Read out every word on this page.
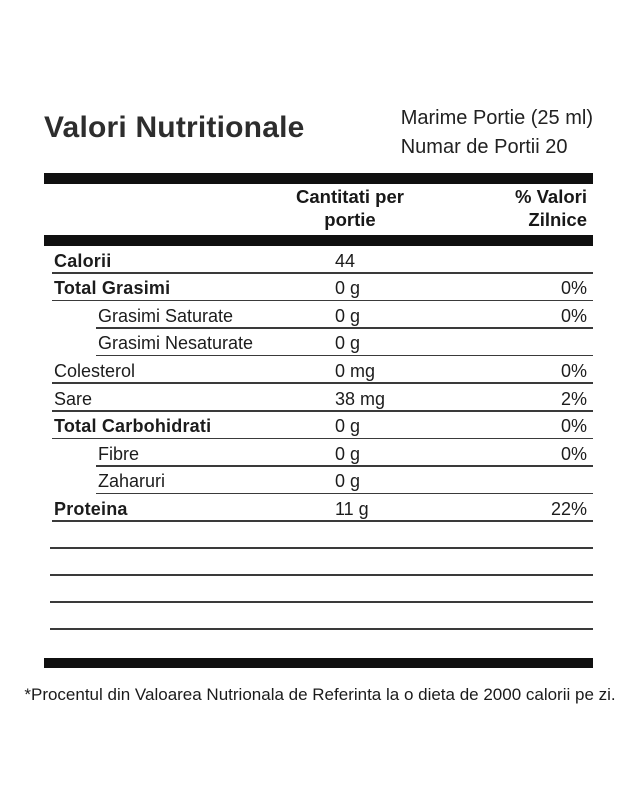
Valori Nutritionale	Marime Portie (25 ml)
Numar de Portii 20
Cantitati per
portie
% Valori
Zilnice
Calorii	44
Total Grasimi	0 g	0%
Grasimi Saturate	0 g	0%
Grasimi Nesaturate	0 g
Colesterol	0 mg	0%
Sare	38 mg	2%
Total Carbohidrati	0 g	0%
Fibre	0 g	0%
Zaharuri	0 g
Proteina	11 g	22%
*Procentul din Valoarea Nutrionala de Referinta la o dieta de 2000 calorii pe zi.
